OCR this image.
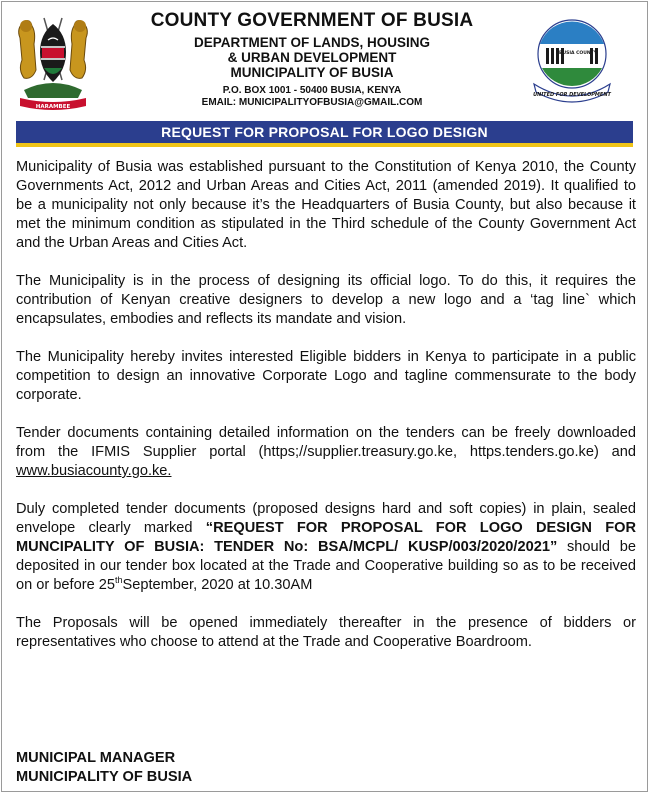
HARAMBEE
COUNTY GOVERNMENT OF BUSIA
DEPARTMENT OF LANDS, HOUSING
& URBAN DEVELOPMENT
MUNICIPALITY OF BUSIA
P.O. BOX 1001 - 50400 BUSIA, KENYA
EMAIL: MUNICIPALITYOFBUSIA@GMAIL.COM
BUSIA COUNTY
UNITED FOR DEVELOPMENT
REQUEST FOR PROPOSAL FOR LOGO DESIGN

Municipality of Busia was established pursuant to the Constitution of Kenya 2010, the County Governments Act, 2012 and Urban Areas and Cities Act, 2011 (amended 2019). It qualified to be a municipality not only because it’s the Headquarters of Busia County, but also because it met the minimum condition as stipulated in the Third schedule of the County Government Act and the Urban Areas and Cities Act.

The Municipality is in the process of designing its official logo. To do this, it requires the contribution of Kenyan creative designers to develop a new logo and a ‘tag line` which encapsulates, embodies and reflects its mandate and vision.

The Municipality hereby invites interested Eligible bidders in Kenya to participate in a public competition to design an innovative Corporate Logo and tagline commensurate to the body corporate.

Tender documents containing detailed information on the tenders can be freely downloaded from the IFMIS Supplier portal (https;//supplier.treasury.go.ke, https.tenders.go.ke) and www.busiacounty.go.ke.

Duly completed tender documents (proposed designs hard and soft copies) in plain, sealed envelope clearly marked “REQUEST FOR PROPOSAL FOR LOGO DESIGN FOR MUNCIPALITY OF BUSIA: TENDER No: BSA/MCPL/ KUSP/003/2020/2021” should be deposited in our tender box located at the Trade and Cooperative building so as to be received on or before 25thSeptember, 2020 at 10.30AM

The Proposals will be opened immediately thereafter in the presence of bidders or representatives who choose to attend at the Trade and Cooperative Boardroom.

MUNICIPAL MANAGER
MUNICIPALITY OF BUSIA
